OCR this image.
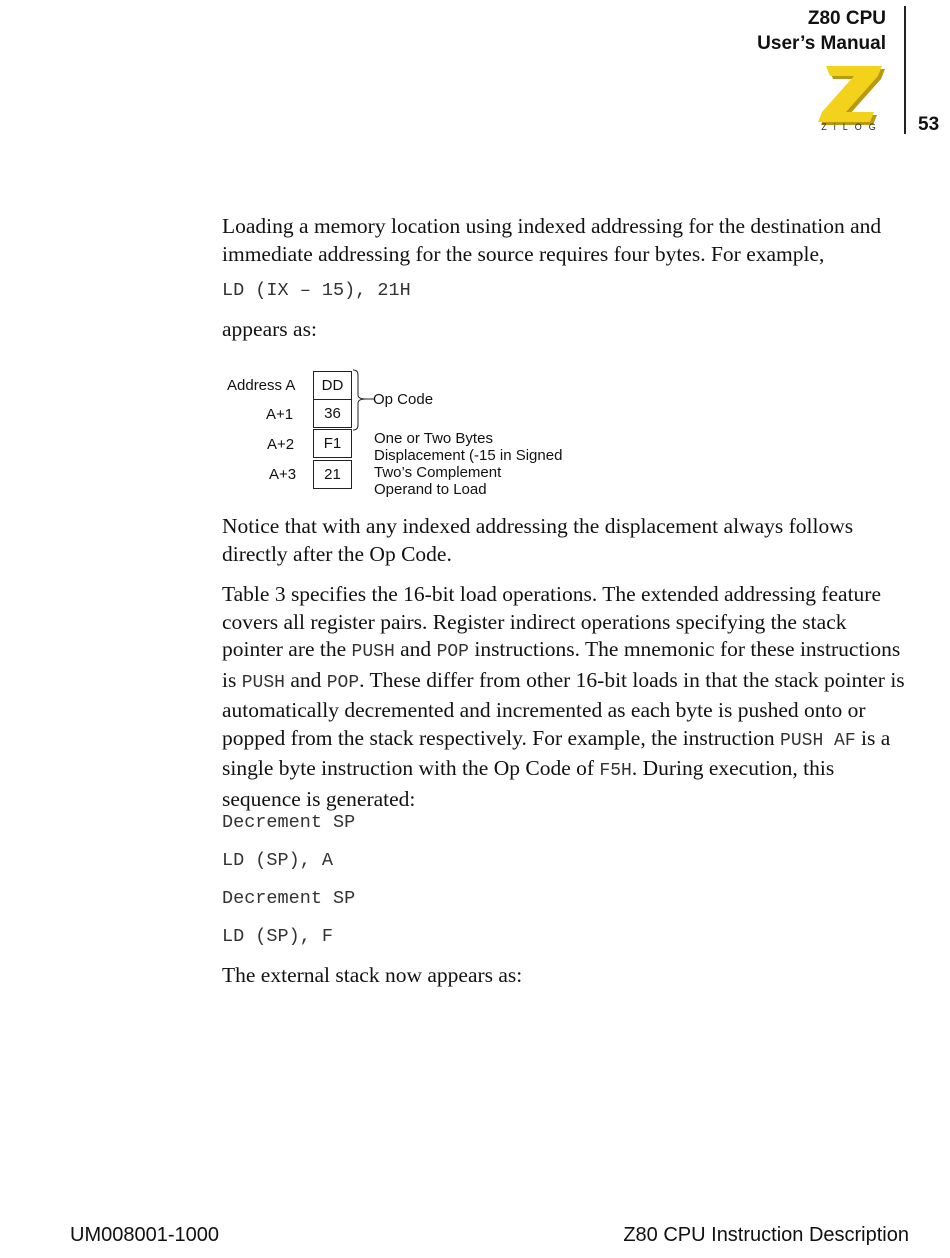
Z80 CPU
User’s Manual
ZiLOG 53

Loading a memory location using indexed addressing for the destination and immediate addressing for the source requires four bytes. For example,

LD (IX – 15), 21H

appears as:

Address A
A+1
A+2
A+3
DD
36
F1
21
Op Code
One or Two Bytes
Displacement (-15 in Signed
Two’s Complement
Operand to Load

Notice that with any indexed addressing the displacement always follows directly after the Op Code.

Table 3 specifies the 16-bit load operations. The extended addressing feature covers all register pairs. Register indirect operations specifying the stack pointer are the PUSH and POP instructions. The mnemonic for these instructions is PUSH and POP. These differ from other 16-bit loads in that the stack pointer is automatically decremented and incremented as each byte is pushed onto or popped from the stack respectively. For example, the instruction PUSH AF is a single byte instruction with the Op Code of F5H. During execution, this sequence is generated:

Decrement SP
LD (SP), A
Decrement SP
LD (SP), F

The external stack now appears as:

UM008001-1000	Z80 CPU Instruction Description
